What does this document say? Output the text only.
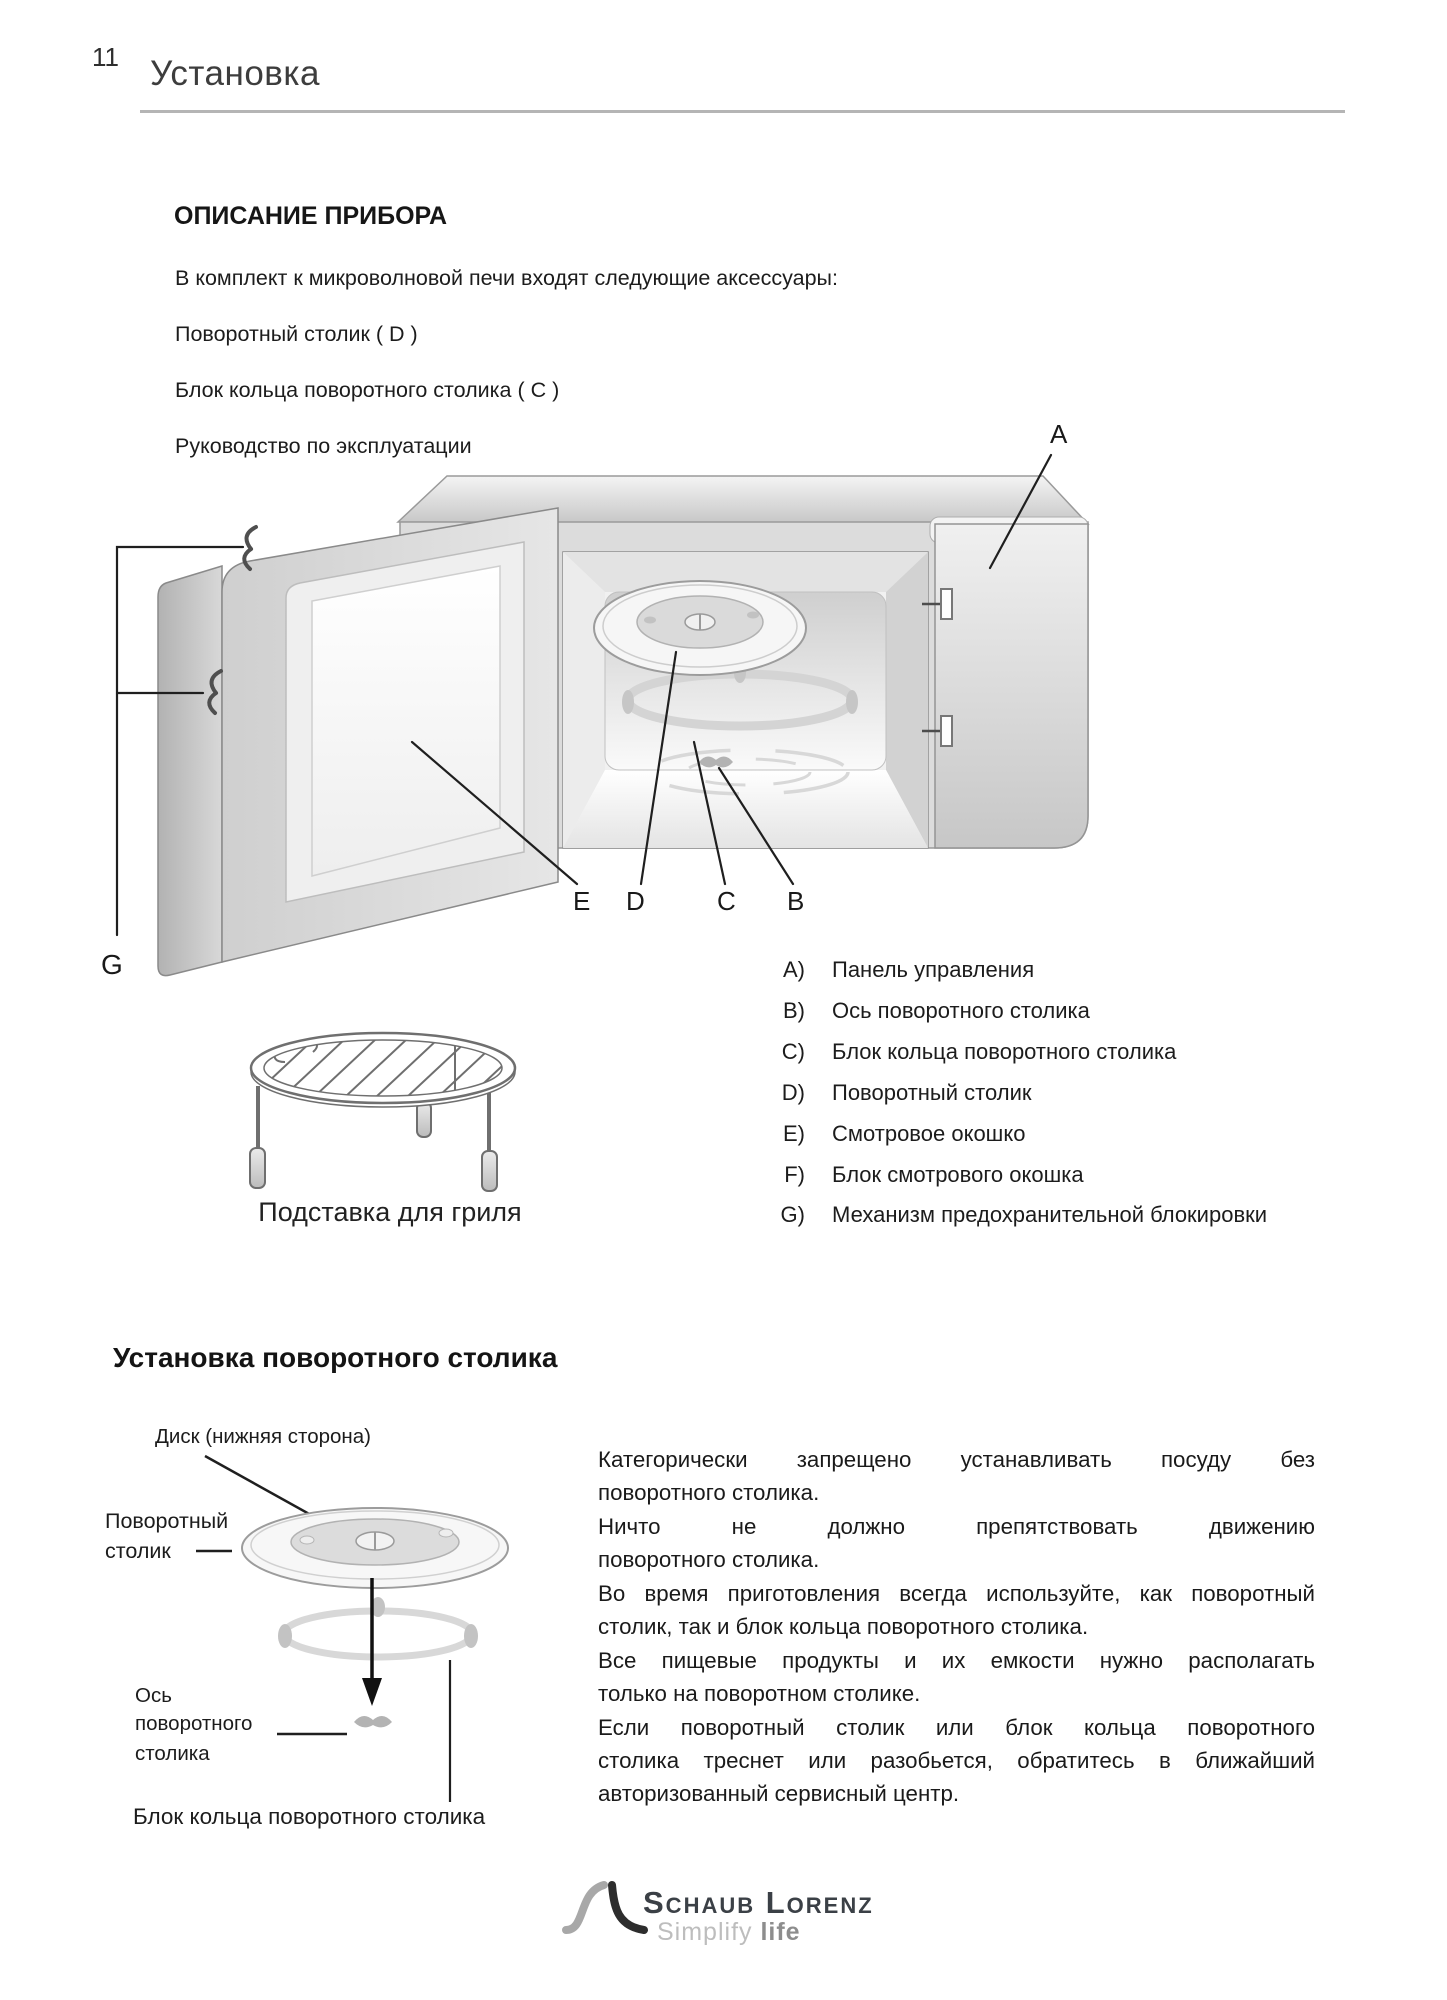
11 Установка
ОПИСАНИЕ ПРИБОРА
В комплект к микроволновой печи входят следующие аксессуары:
Поворотный столик ( D )
Блок кольца поворотного столика ( C )
Руководство по эксплуатации	A
E D	C B
G	A) Панель управления
B) Ось поворотного столика
C) Блок кольца поворотного столика
D) Поворотный столик
E) Смотровое окошко
F) Блок смотрового окошка
G) Механизм предохранительной блокировки
Подставка для гриля
Установка поворотного столика
Диск (нижняя сторона)
Поворотный
столик
Ось
поворотного
столика
Блок кольца поворотного столика
Категорически запрещено устанавливать посуду без
поворотного столика.
Ничто не должно препятствовать движению
поворотного столика.
Во время приготовления всегда используйте, как поворотный
столик, так и блок кольца поворотного столика.
Все пищевые продукты и их емкости нужно располагать
только на поворотном столике.
Если поворотный столик или блок кольца поворотного
столика треснет или разобьется, обратитесь в ближайший
авторизованный сервисный центр.
Schaub Lorenz
Simplify life
